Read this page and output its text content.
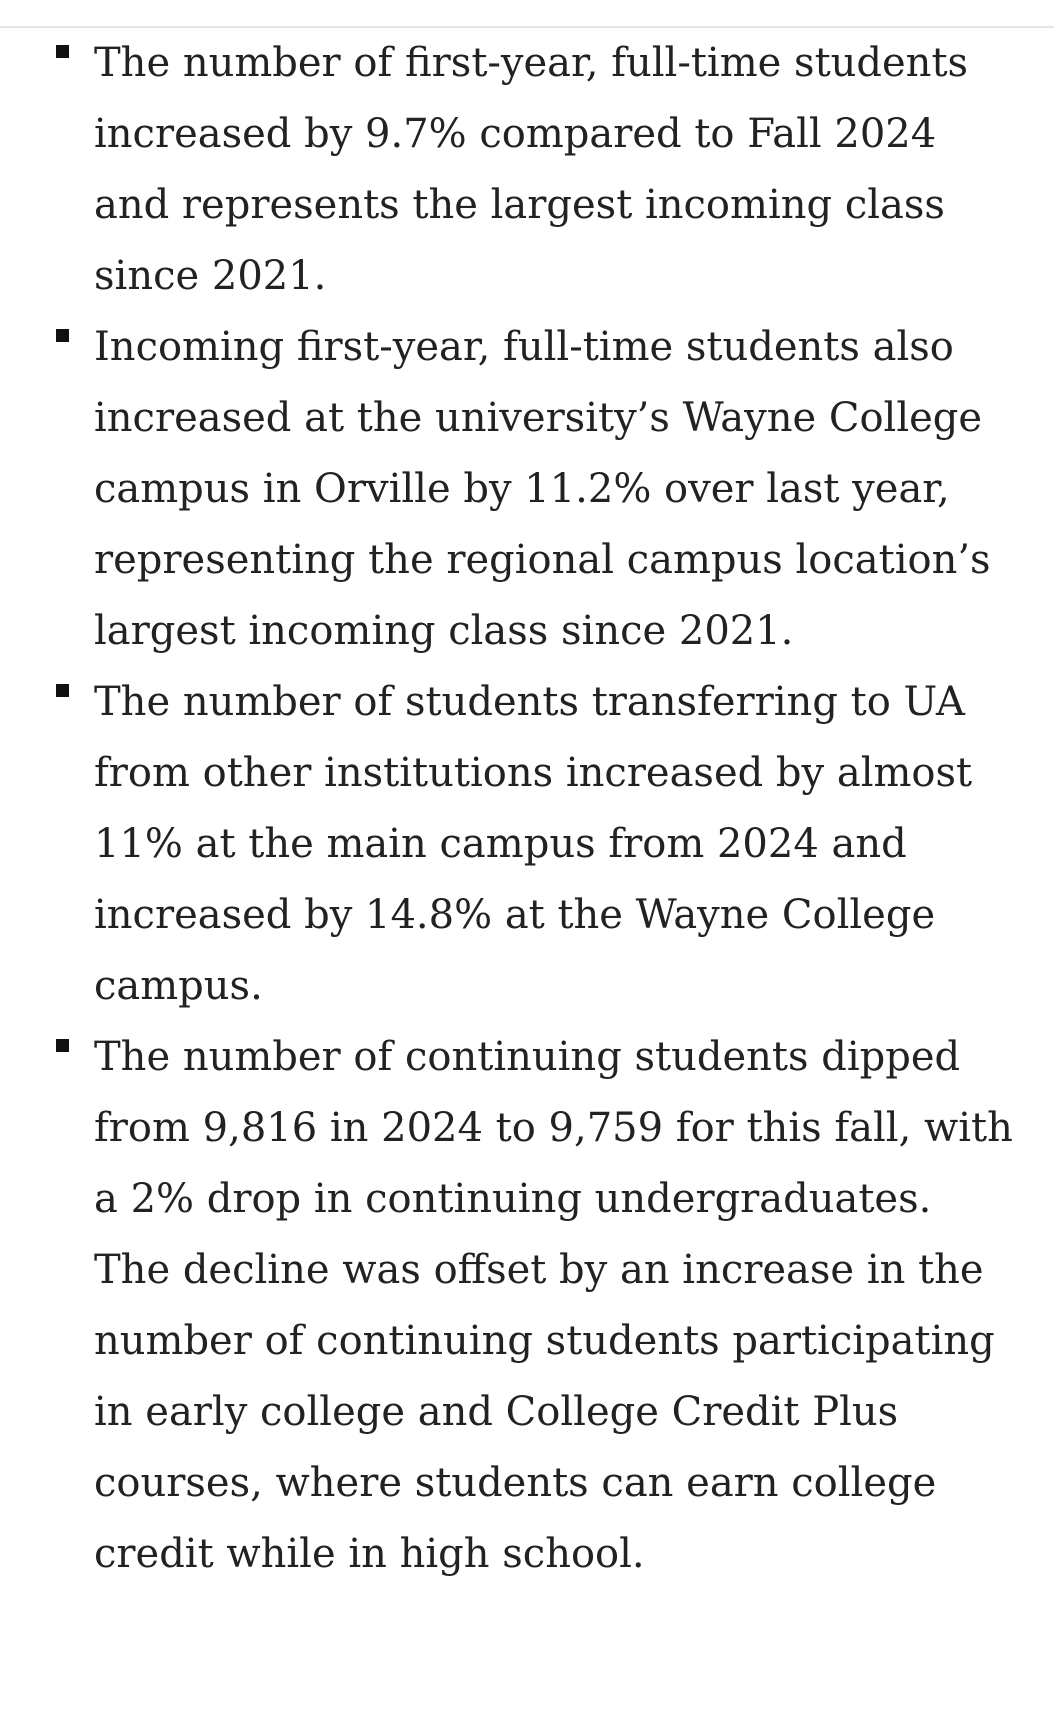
The number of first-year, full-time students increased by 9.7% compared to Fall 2024 and represents the largest incoming class since 2021.
Incoming first-year, full-time students also increased at the university’s Wayne College campus in Orville by 11.2% over last year, representing the regional campus location’s largest incoming class since 2021.
The number of students transferring to UA from other institutions increased by almost 11% at the main campus from 2024 and increased by 14.8% at the Wayne College campus.
The number of continuing students dipped from 9,816 in 2024 to 9,759 for this fall, with a 2% drop in continuing undergraduates. The decline was offset by an increase in the number of continuing students participating in early college and College Credit Plus courses, where students can earn college credit while in high school.
